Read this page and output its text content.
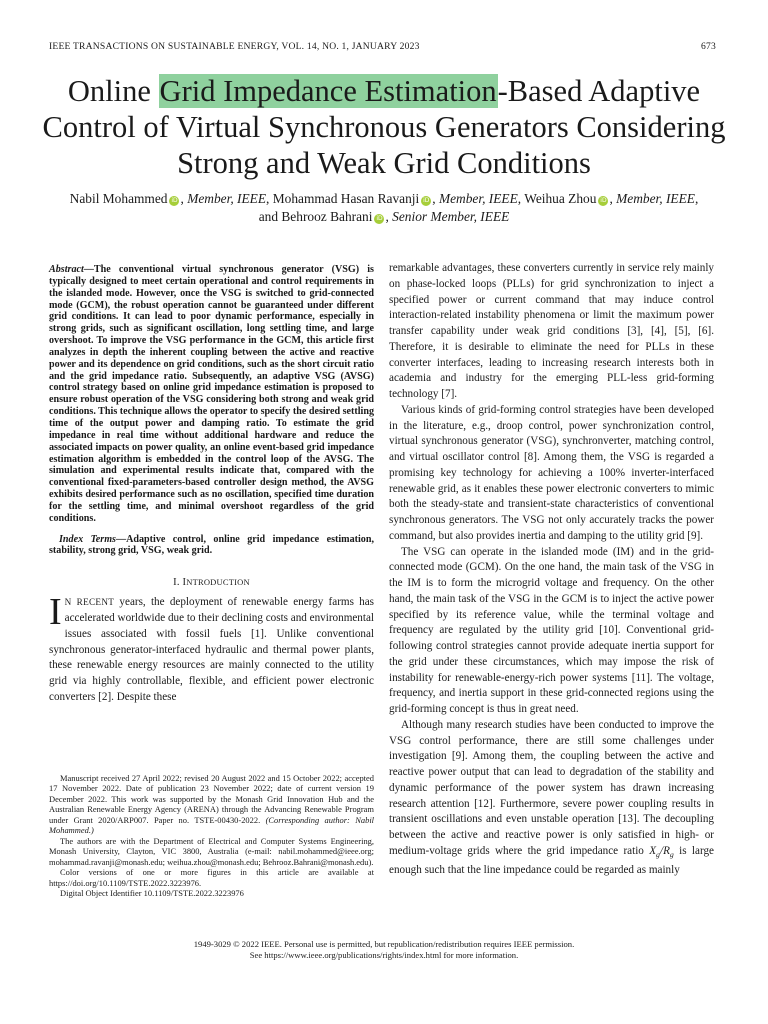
IEEE TRANSACTIONS ON SUSTAINABLE ENERGY, VOL. 14, NO. 1, JANUARY 2023	673
Online Grid Impedance Estimation-Based Adaptive Control of Virtual Synchronous Generators Considering Strong and Weak Grid Conditions
Nabil Mohammed iD , Member, IEEE, Mohammad Hasan Ravanji iD , Member, IEEE, Weihua Zhou iD , Member, IEEE,
and Behrooz Bahrani iD , Senior Member, IEEE

Abstract—The conventional virtual synchronous generator (VSG) is typically designed to meet certain operational and control requirements in the islanded mode. However, once the VSG is switched to grid-connected mode (GCM), the robust operation cannot be guaranteed under different grid conditions. It can lead to poor dynamic performance, especially in strong grids, such as significant oscillation, long settling time, and large overshoot. To improve the VSG performance in the GCM, this article first analyzes in depth the inherent coupling between the active and reactive power and its dependence on grid conditions, such as the short circuit ratio and the grid impedance ratio. Subsequently, an adaptive VSG (AVSG) control strategy based on online grid impedance estimation is proposed to ensure robust operation of the VSG considering both strong and weak grid conditions. This technique allows the operator to specify the desired settling time of the output power and damping ratio. To estimate the grid impedance in real time without additional hardware and reduce the associated impacts on power quality, an online event-based grid impedance estimation algorithm is embedded in the control loop of the AVSG. The simulation and experimental results indicate that, compared with the conventional fixed-parameters-based controller design method, the AVSG exhibits desired performance such as no oscillation, specified time duration for the settling time, and minimal overshoot regardless of the grid conditions.

Index Terms—Adaptive control, online grid impedance estimation, stability, strong grid, VSG, weak grid.

I. INTRODUCTION

I N RECENT years, the deployment of renewable energy farms has accelerated worldwide due to their declining costs and environmental issues associated with fossil fuels [1]. Unlike conventional synchronous generator-interfaced hydraulic and thermal power plants, these renewable energy resources are mainly connected to the utility grid via highly controllable, flexible, and efficient power electronic converters [2]. Despite these

Manuscript received 27 April 2022; revised 20 August 2022 and 15 October 2022; accepted 17 November 2022. Date of publication 23 November 2022; date of current version 19 December 2022. This work was supported by the Monash Grid Innovation Hub and the Australian Renewable Energy Agency (ARENA) through the Advancing Renewable Program under Grant 2020/ARP007. Paper no. TSTE-00430-2022. (Corresponding author: Nabil Mohammed.)

The authors are with the Department of Electrical and Computer Systems Engineering, Monash University, Clayton, VIC 3800, Australia (e-mail: nabil.mohammed@ieee.org; mohammad.ravanji@monash.edu; weihua.zhou@monash.edu; Behrooz.Bahrani@monash.edu).

Color versions of one or more figures in this article are available at https://doi.org/10.1109/TSTE.2022.3223976.

Digital Object Identifier 10.1109/TSTE.2022.3223976

remarkable advantages, these converters currently in service rely mainly on phase-locked loops (PLLs) for grid synchronization to inject a specified power or current command that may induce control interaction-related instability phenomena or limit the maximum power transfer capability under weak grid conditions [3], [4], [5], [6]. Therefore, it is desirable to eliminate the need for PLLs in these converter interfaces, leading to increasing research interests both in academia and industry for the emerging PLL-less grid-forming technology [7].

Various kinds of grid-forming control strategies have been developed in the literature, e.g., droop control, power synchronization control, virtual synchronous generator (VSG), synchronverter, matching control, and virtual oscillator control [8]. Among them, the VSG is regarded a promising key technology for achieving a 100% inverter-interfaced renewable grid, as it enables these power electronic converters to mimic both the steady-state and transient-state characteristics of conventional synchronous generators. The VSG not only accurately tracks the power command, but also provides inertia and damping to the utility grid [9].

The VSG can operate in the islanded mode (IM) and in the grid-connected mode (GCM). On the one hand, the main task of the VSG in the IM is to form the microgrid voltage and frequency. On the other hand, the main task of the VSG in the GCM is to inject the active power specified by its reference value, while the terminal voltage and frequency are regulated by the utility grid [10]. Conventional grid-following control strategies cannot provide adequate inertia support for the grid under these circumstances, which may impose the risk of instability for renewable-energy-rich power systems [11]. The voltage, frequency, and inertia support in these grid-connected regions using the grid-forming concept is thus in great need.

Although many research studies have been conducted to improve the VSG control performance, there are still some challenges under investigation [9]. Among them, the coupling between the active and reactive power output that can lead to degradation of the stability and dynamic performance of the power system has drawn increasing research attention [12]. Furthermore, severe power coupling results in transient oscillations and even unstable operation [13]. The decoupling between the active and reactive power is only satisfied in high- or medium-voltage grids where the grid impedance ratio $X_g/R_g$ is large enough such that the line impedance could be regarded as mainly

1949-3029 © 2022 IEEE. Personal use is permitted, but republication/redistribution requires IEEE permission.
See https://www.ieee.org/publications/rights/index.html for more information.
